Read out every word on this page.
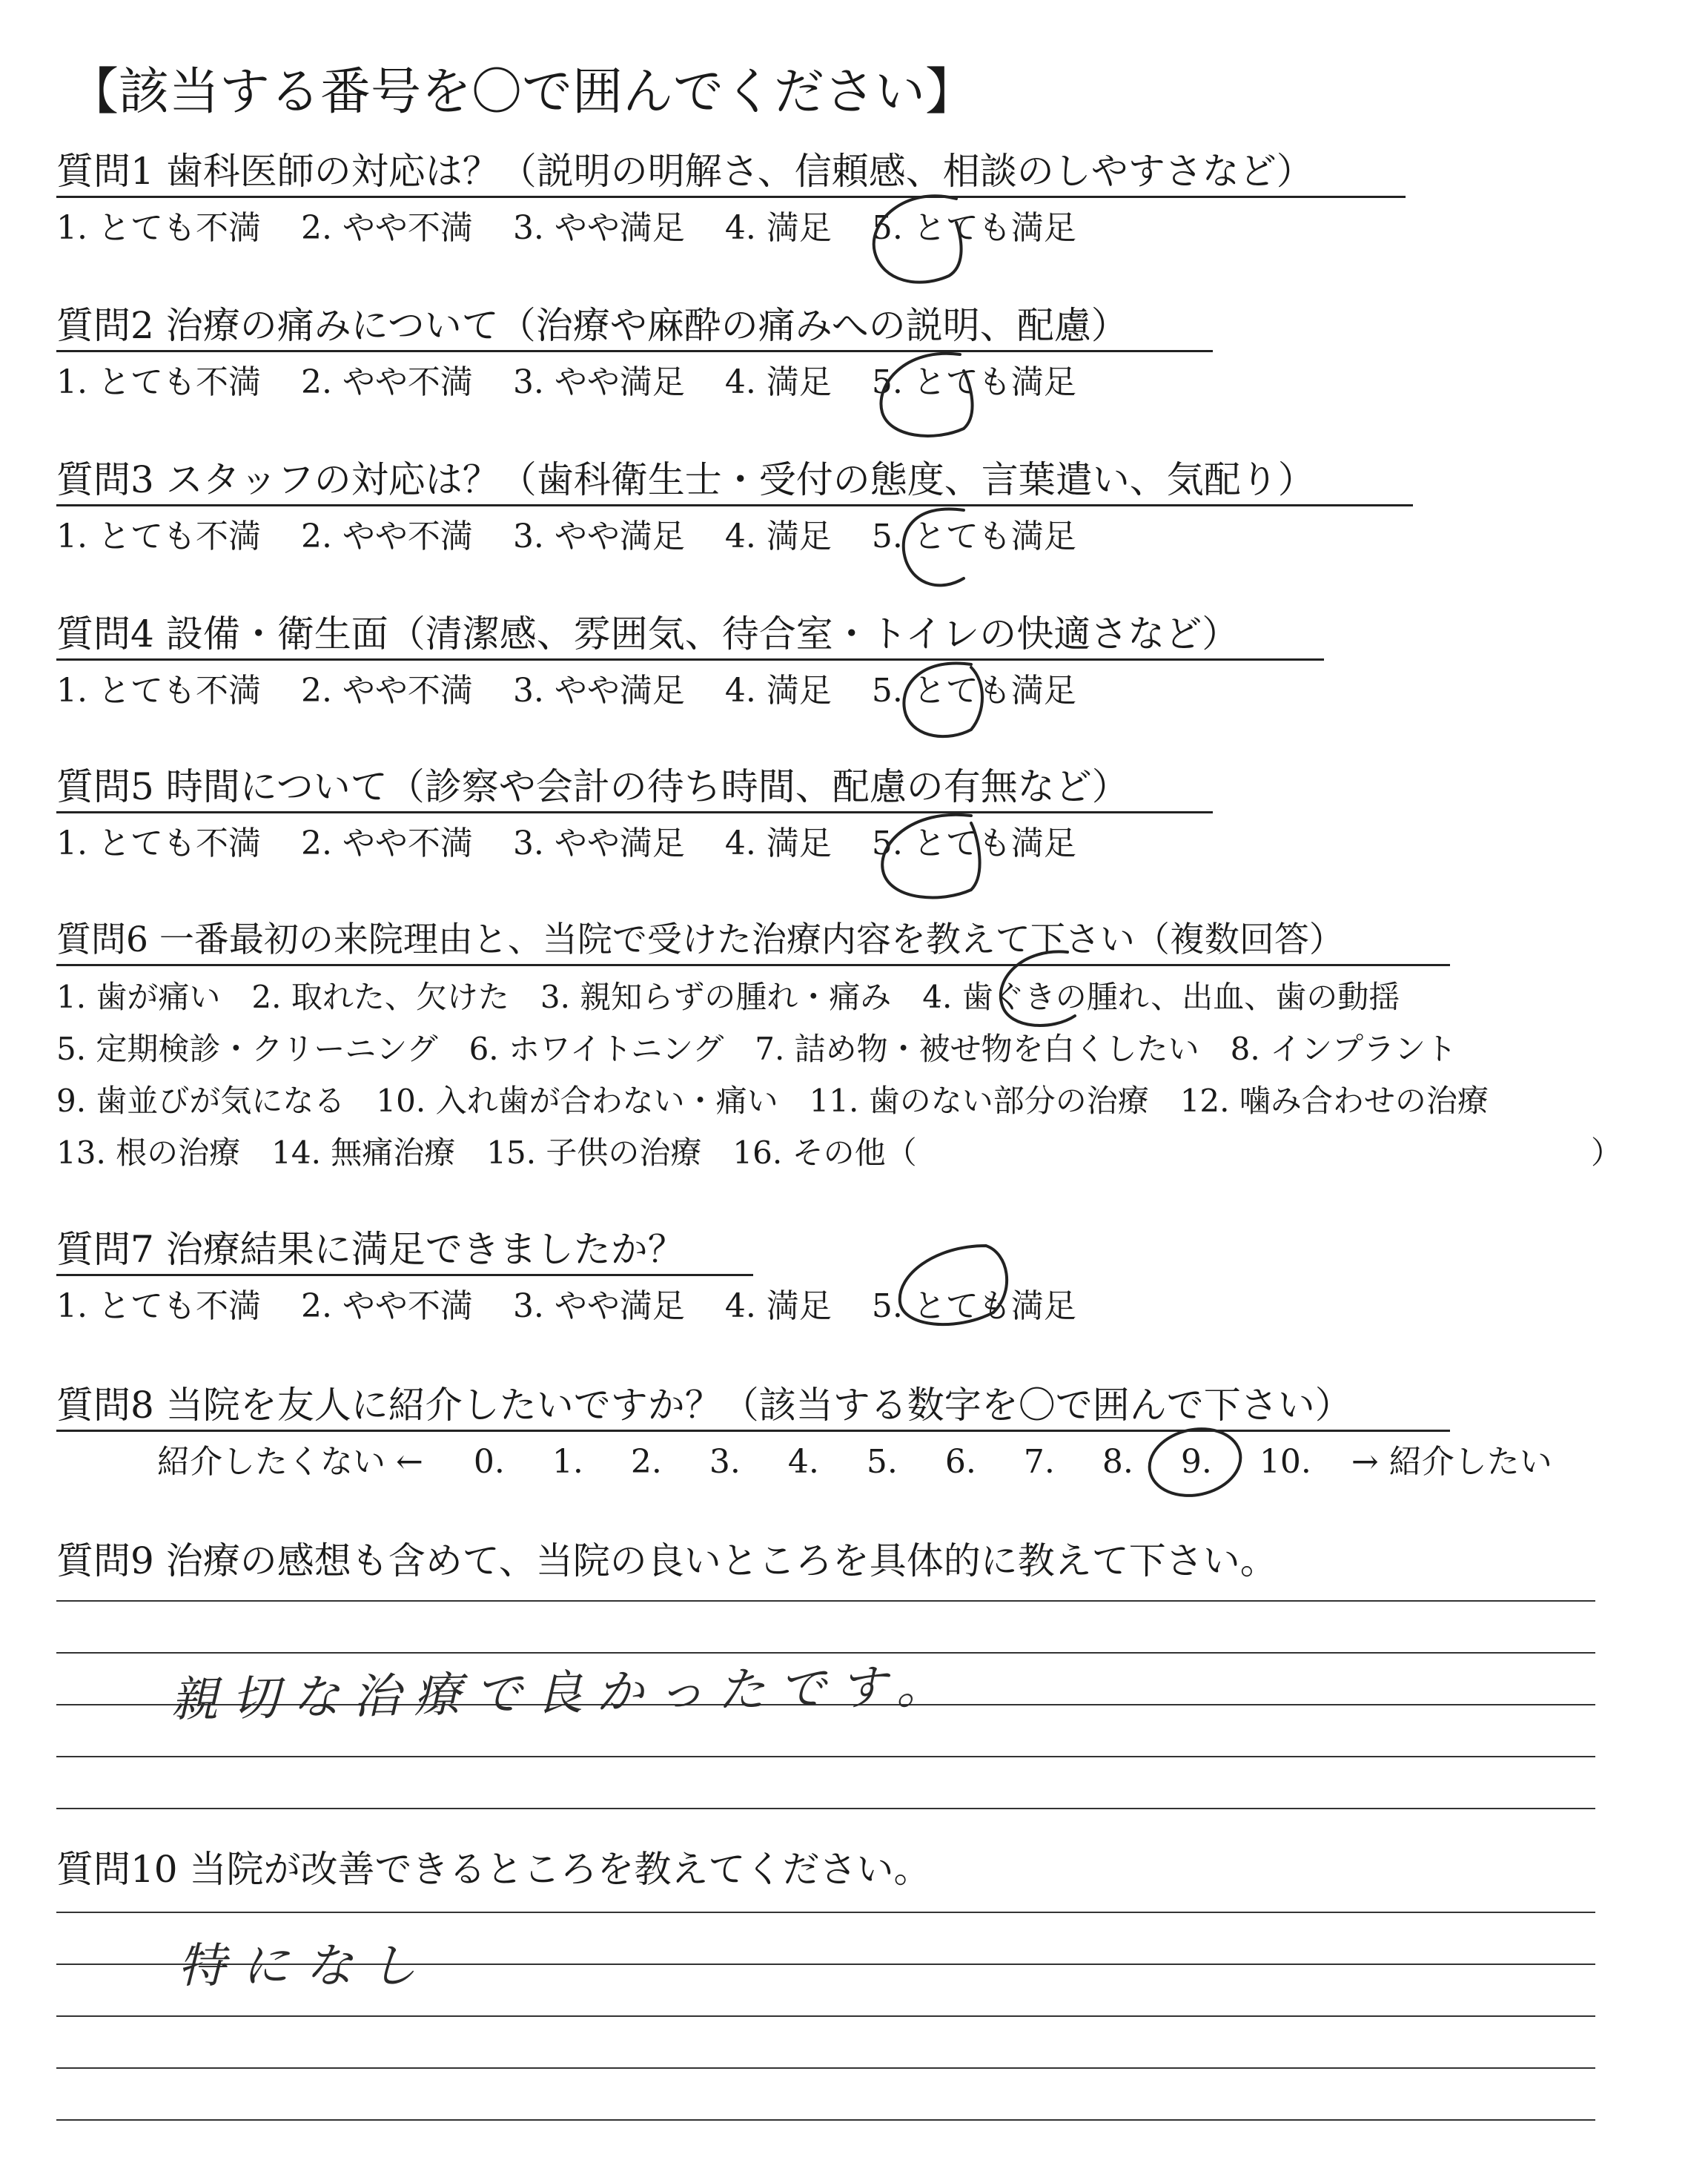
【該当する番号を〇で囲んでください】
質問1 歯科医師の対応は？（説明の明解さ、信頼感、相談のしやすさなど）
1. とても不満 2. やや不満 3. やや満足 4. 満足 5. とても満足
質問2 治療の痛みについて（治療や麻酔の痛みへの説明、配慮）
1. とても不満 2. やや不満 3. やや満足 4. 満足 5. とても満足
質問3 スタッフの対応は？（歯科衛生士・受付の態度、言葉遣い、気配り）
1. とても不満 2. やや不満 3. やや満足 4. 満足 5. とても満足
質問4 設備・衛生面（清潔感、雰囲気、待合室・トイレの快適さなど）
1. とても不満 2. やや不満 3. やや満足 4. 満足 5. とても満足
質問5 時間について（診察や会計の待ち時間、配慮の有無など）
1. とても不満 2. やや不満 3. やや満足 4. 満足 5. とても満足
質問6 一番最初の来院理由と、当院で受けた治療内容を教えて下さい（複数回答）
1. 歯が痛い　2. 取れた、欠けた　3. 親知らずの腫れ・痛み　4. 歯ぐきの腫れ、出血、歯の動揺
5. 定期検診・クリーニング　6. ホワイトニング　7. 詰め物・被せ物を白くしたい　8. インプラント
9. 歯並びが気になる　10. 入れ歯が合わない・痛い　11. 歯のない部分の治療　12. 噛み合わせの治療
13. 根の治療　14. 無痛治療　15. 子供の治療　16. その他（	）
質問7 治療結果に満足できましたか？
1. とても不満 2. やや不満 3. やや満足 4. 満足 5. とても満足
質問8 当院を友人に紹介したいですか？（該当する数字を〇で囲んで下さい）
紹介したくない ← 0. 1. 2. 3. 4. 5. 6. 7. 8. 9. 10. → 紹介したい
質問9 治療の感想も含めて、当院の良いところを具体的に教えて下さい。
親切な治療で良かったです。
質問10 当院が改善できるところを教えてください。
特になし
